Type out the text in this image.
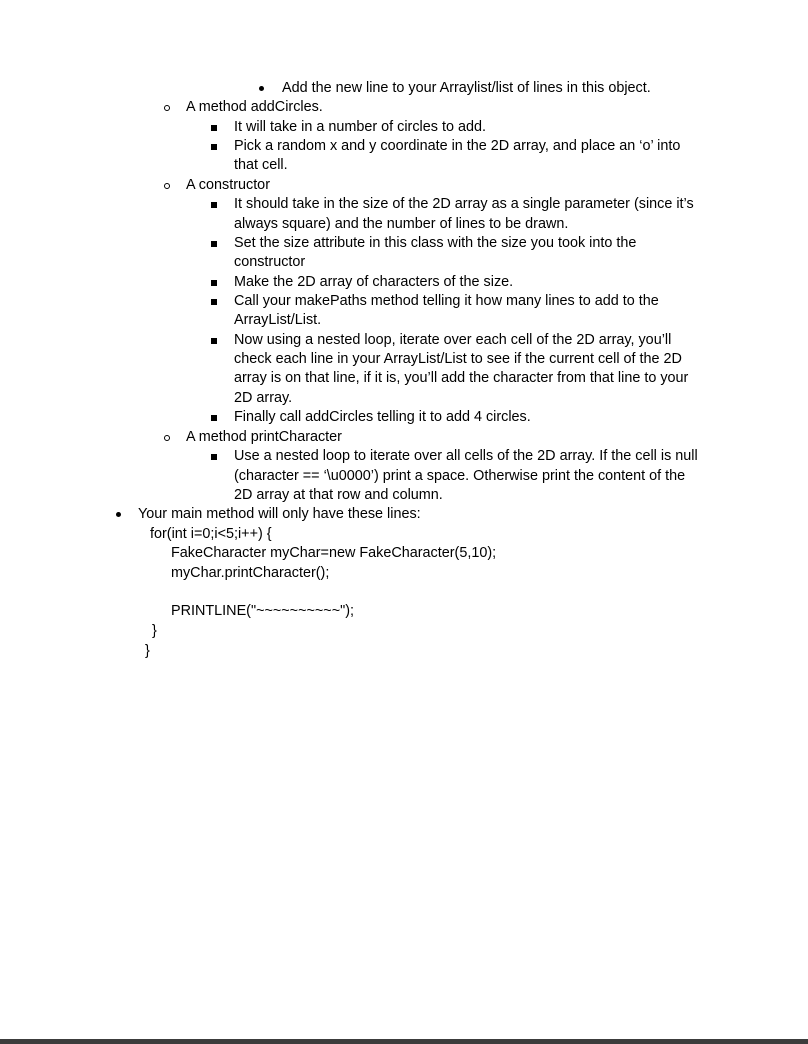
Add the new line to your Arraylist/list of lines in this object.
A method addCircles.
It will take in a number of circles to add.
Pick a random x and y coordinate in the 2D array, and place an ‘o’ into
that cell.
A constructor
It should take in the size of the 2D array as a single parameter (since it’s
always square) and the number of lines to be drawn.
Set the size attribute in this class with the size you took into the
constructor
Make the 2D array of characters of the size.
Call your makePaths method telling it how many lines to add to the
ArrayList/List.
Now using a nested loop, iterate over each cell of the 2D array, you’ll
check each line in your ArrayList/List to see if the current cell of the 2D
array is on that line, if it is, you’ll add the character from that line to your
2D array.
Finally call addCircles telling it to add 4 circles.
A method printCharacter
Use a nested loop to iterate over all cells of the 2D array. If the cell is null
(character == ‘\u0000’) print a space. Otherwise print the content of the
2D array at that row and column.
Your main method will only have these lines:
for(int i=0;i<5;i++) {
FakeCharacter myChar=new FakeCharacter(5,10);
myChar.printCharacter();
PRINTLINE("~~~~~~~~~~");
}
}
